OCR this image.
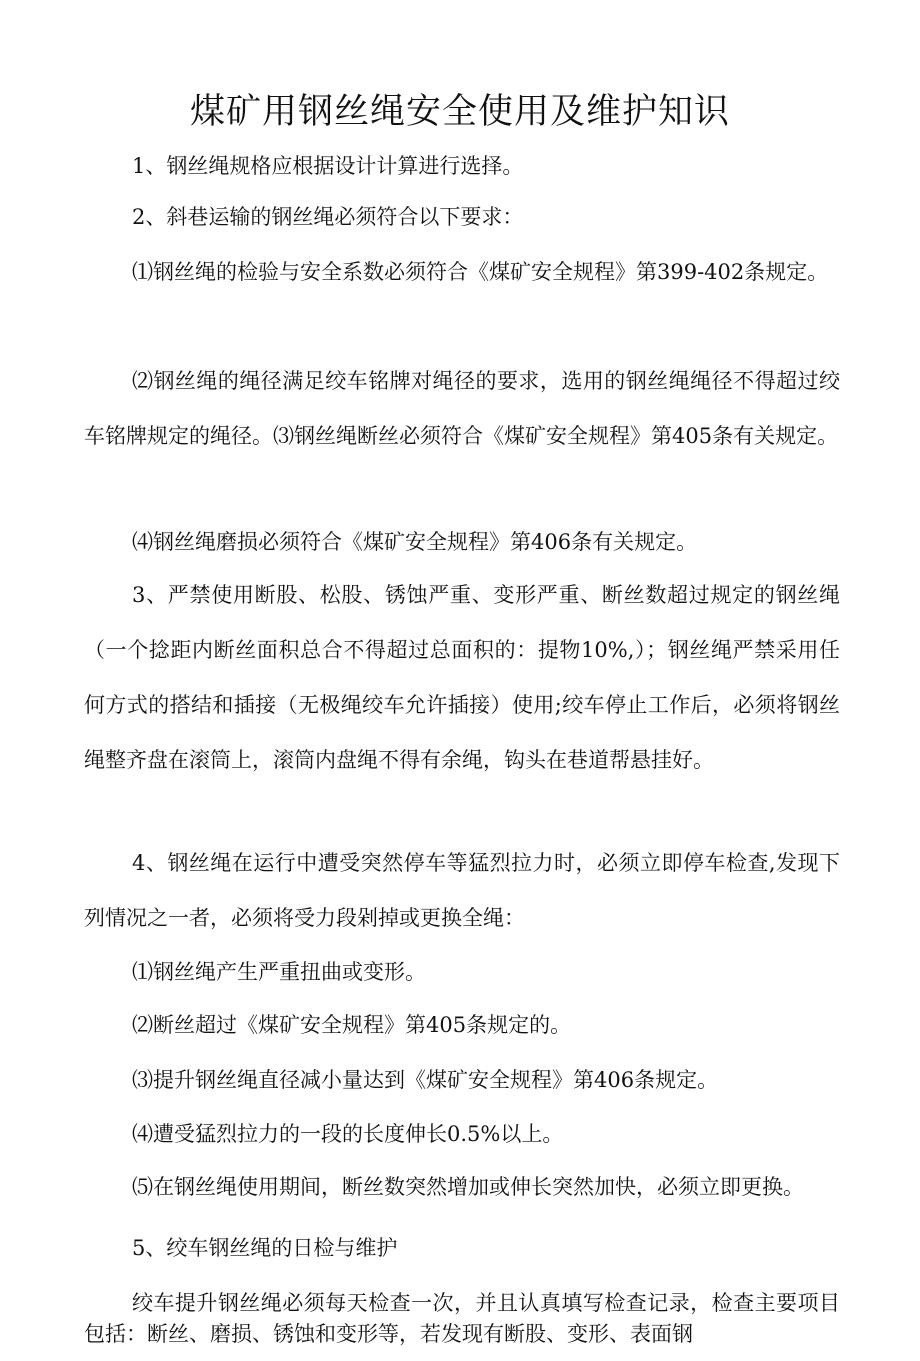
煤矿用钢丝绳安全使用及维护知识

1、钢丝绳规格应根据设计计算进行选择。

2、斜巷运输的钢丝绳必须符合以下要求：

⑴钢丝绳的检验与安全系数必须符合《煤矿安全规程》第399-402条规定。

⑵钢丝绳的绳径满足绞车铭牌对绳径的要求，选用的钢丝绳绳径不得超过绞车铭牌规定的绳径。⑶钢丝绳断丝必须符合《煤矿安全规程》第405条有关规定。

⑷钢丝绳磨损必须符合《煤矿安全规程》第406条有关规定。

3、严禁使用断股、松股、锈蚀严重、变形严重、断丝数超过规定的钢丝绳（一个捻距内断丝面积总合不得超过总面积的：提物10%,）；钢丝绳严禁采用任何方式的搭结和插接（无极绳绞车允许插接）使用;绞车停止工作后，必须将钢丝绳整齐盘在滚筒上，滚筒内盘绳不得有余绳，钩头在巷道帮悬挂好。

4、钢丝绳在运行中遭受突然停车等猛烈拉力时，必须立即停车检查,发现下列情况之一者，必须将受力段剁掉或更换全绳：

⑴钢丝绳产生严重扭曲或变形。

⑵断丝超过《煤矿安全规程》第405条规定的。

⑶提升钢丝绳直径减小量达到《煤矿安全规程》第406条规定。

⑷遭受猛烈拉力的一段的长度伸长0.5%以上。

⑸在钢丝绳使用期间，断丝数突然增加或伸长突然加快，必须立即更换。

5、绞车钢丝绳的日检与维护

绞车提升钢丝绳必须每天检查一次，并且认真填写检查记录，检查主要项目包括：断丝、磨损、锈蚀和变形等，若发现有断股、变形、表面钢
